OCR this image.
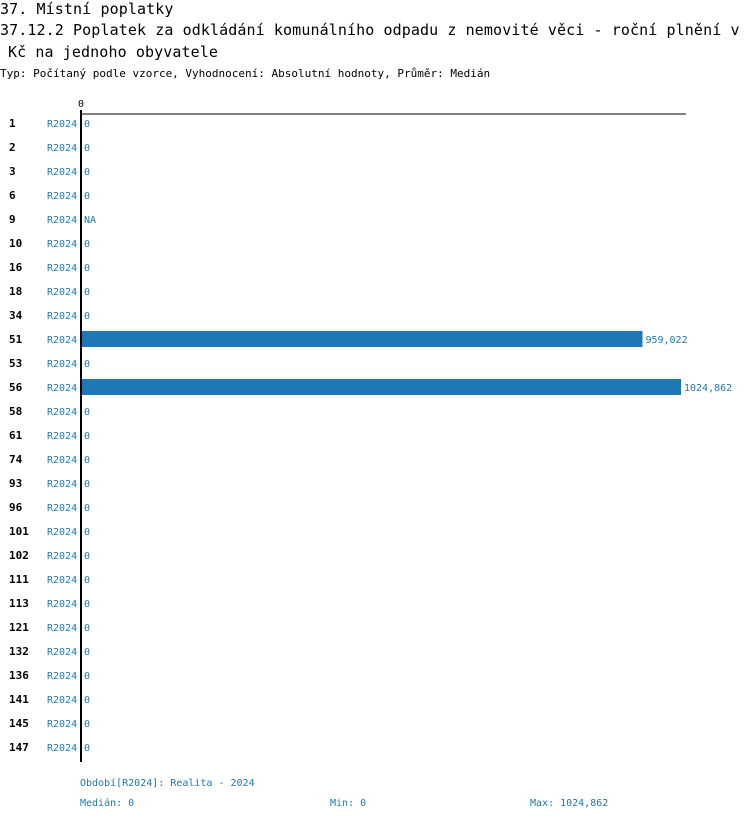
37. Místní poplatky
37.12.2 Poplatek za odkládání komunálního odpadu z nemovité věci - roční plnění v
Kč na jednoho obyvatele
Typ: Počítaný podle vzorce, Vyhodnocení: Absolutní hodnoty, Průměr: Medián
0
1	R2024 0
2	R2024 0
3	R2024 0
6	R2024 0
9	R2024 NA
10 R2024 0
16 R2024 0
18 R2024 0
34 R2024 0
51 R2024	959,022
53 R2024 0
56 R2024	1024,862
58 R2024 0
61 R2024 0
74 R2024 0
93 R2024 0
96 R2024 0
101 R2024 0
102 R2024 0
111 R2024 0
113 R2024 0
121 R2024 0
132 R2024 0
136 R2024 0
141 R2024 0
145 R2024 0
147 R2024 0
Období[R2024]: Realita - 2024
Medián: 0	Min: 0	Max: 1024,862
